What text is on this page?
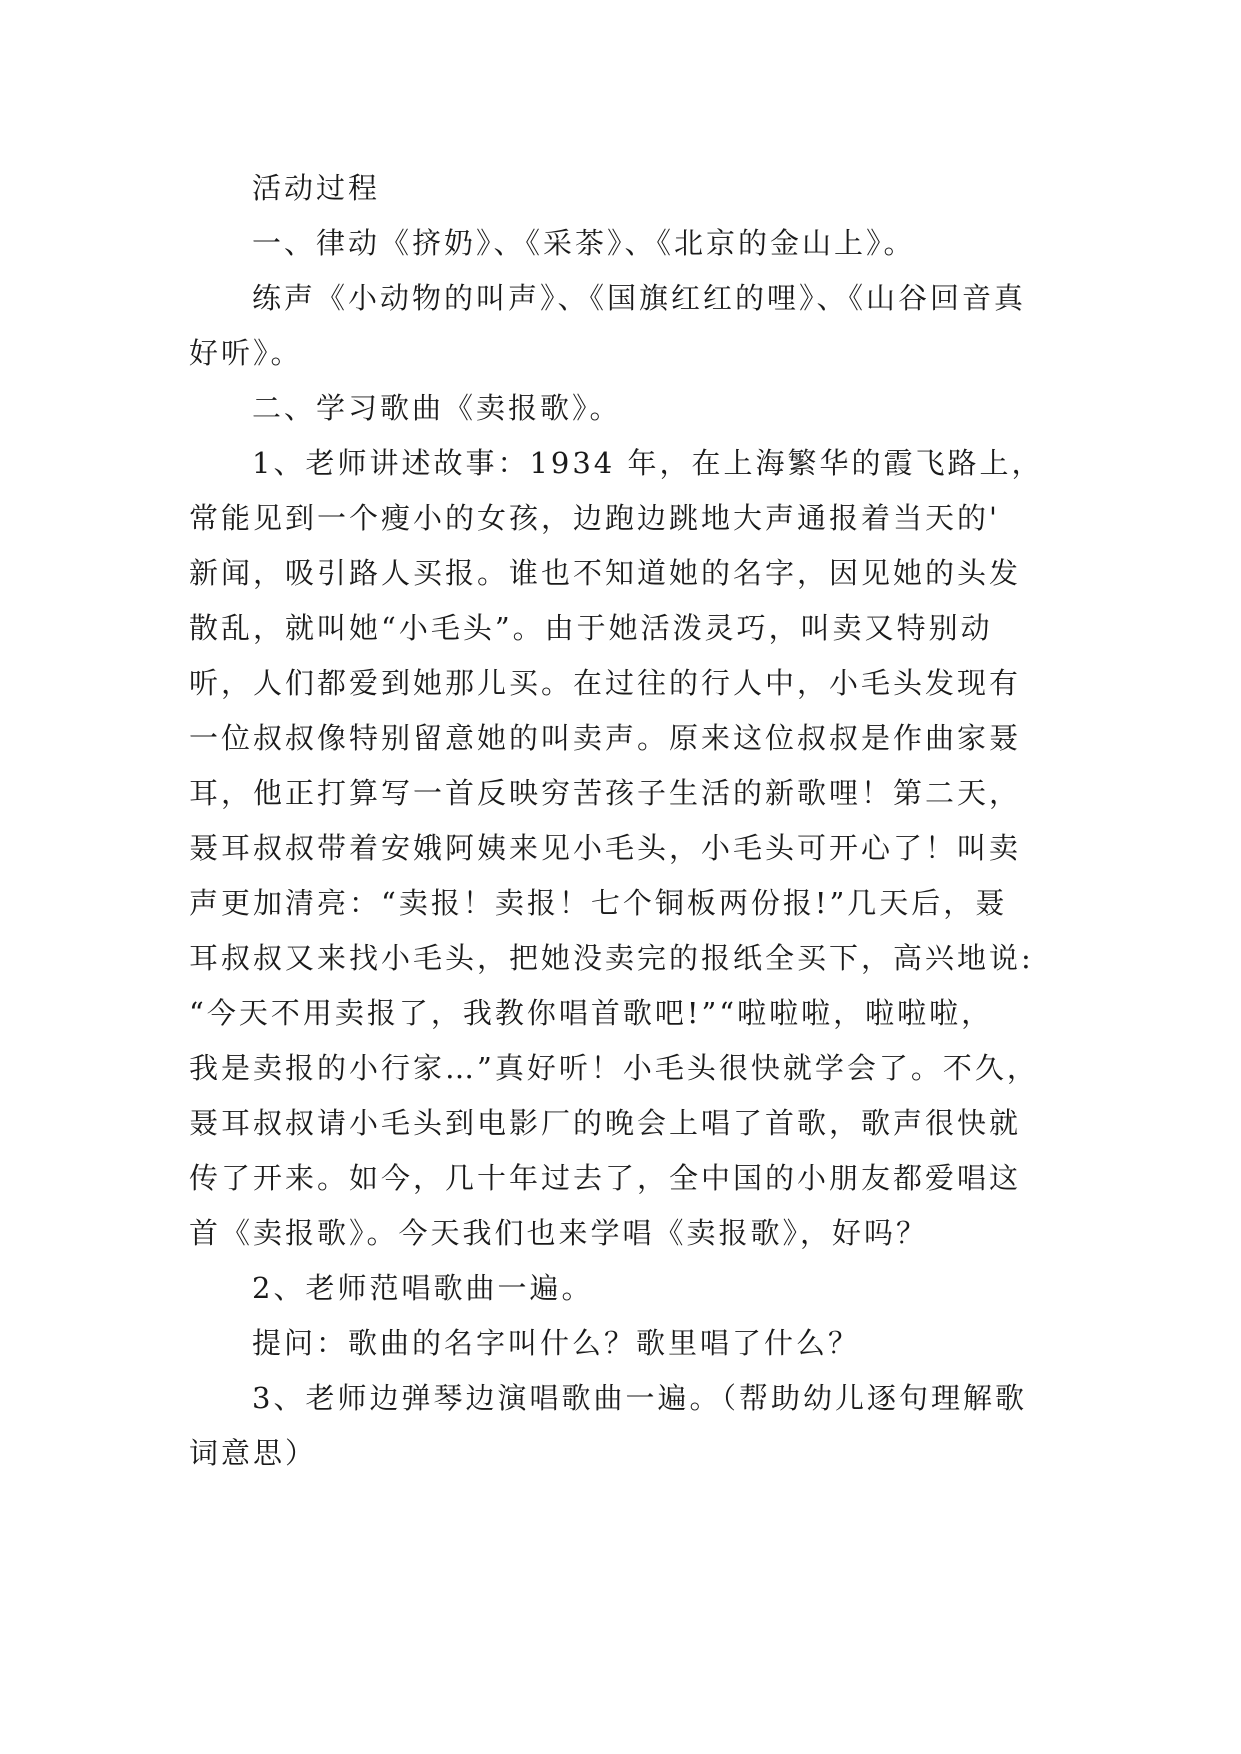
活动过程
一、律动《挤奶》、《采茶》、《北京的金山上》。
练声《小动物的叫声》、《国旗红红的哩》、《山谷回音真
好听》。
二、学习歌曲《卖报歌》。
1、老师讲述故事：1934 年，在上海繁华的霞飞路上，
常能见到一个瘦小的女孩，边跑边跳地大声通报着当天的'
新闻，吸引路人买报。谁也不知道她的名字，因见她的头发
散乱，就叫她“小毛头”。由于她活泼灵巧，叫卖又特别动
听，人们都爱到她那儿买。在过往的行人中，小毛头发现有
一位叔叔像特别留意她的叫卖声。原来这位叔叔是作曲家聂
耳，他正打算写一首反映穷苦孩子生活的新歌哩！第二天，
聂耳叔叔带着安娥阿姨来见小毛头，小毛头可开心了！叫卖
声更加清亮：“卖报！卖报！七个铜板两份报!”几天后，聂
耳叔叔又来找小毛头，把她没卖完的报纸全买下，高兴地说:
“今天不用卖报了，我教你唱首歌吧!”“啦啦啦，啦啦啦，
我是卖报的小行家…”真好听！小毛头很快就学会了。不久，
聂耳叔叔请小毛头到电影厂的晚会上唱了首歌，歌声很快就
传了开来。如今，几十年过去了，全中国的小朋友都爱唱这
首《卖报歌》。今天我们也来学唱《卖报歌》，好吗？
2、老师范唱歌曲一遍。
提问：歌曲的名字叫什么？歌里唱了什么？
3、老师边弹琴边演唱歌曲一遍。（帮助幼儿逐句理解歌
词意思）
